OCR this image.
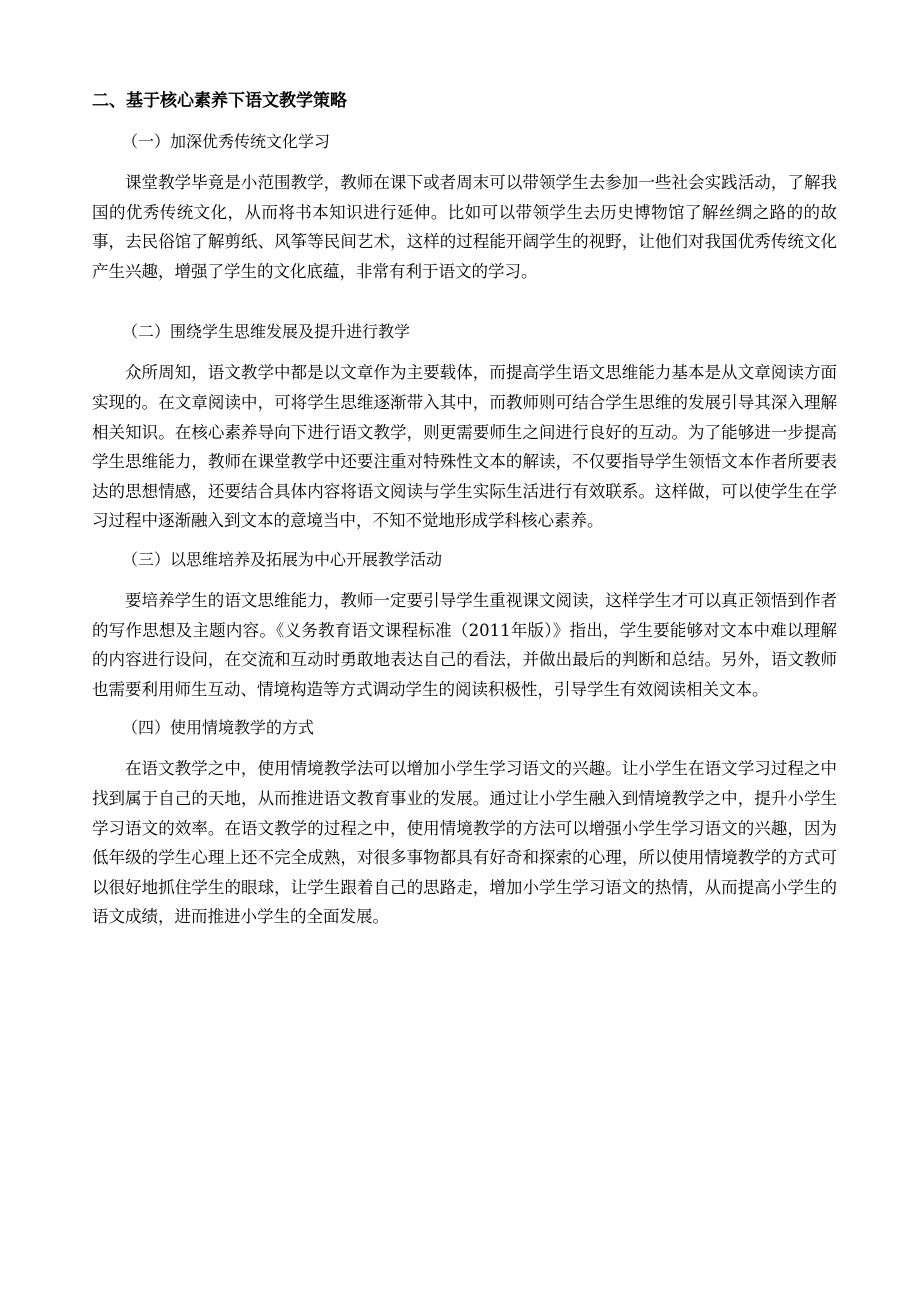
二、基于核心素养下语文教学策略
（一）加深优秀传统文化学习

课堂教学毕竟是小范围教学，教师在课下或者周末可以带领学生去参加一些社会实践活动，了解我国的优秀传统文化，从而将书本知识进行延伸。比如可以带领学生去历史博物馆了解丝绸之路的的故事，去民俗馆了解剪纸、风筝等民间艺术，这样的过程能开阔学生的视野，让他们对我国优秀传统文化产生兴趣，增强了学生的文化底蕴，非常有利于语文的学习。

（二）围绕学生思维发展及提升进行教学

众所周知，语文教学中都是以文章作为主要载体，而提高学生语文思维能力基本是从文章阅读方面实现的。在文章阅读中，可将学生思维逐渐带入其中，而教师则可结合学生思维的发展引导其深入理解相关知识。在核心素养导向下进行语文教学，则更需要师生之间进行良好的互动。为了能够进一步提高学生思维能力，教师在课堂教学中还要注重对特殊性文本的解读，不仅要指导学生领悟文本作者所要表达的思想情感，还要结合具体内容将语文阅读与学生实际生活进行有效联系。这样做，可以使学生在学习过程中逐渐融入到文本的意境当中，不知不觉地形成学科核心素养。

（三）以思维培养及拓展为中心开展教学活动

要培养学生的语文思维能力，教师一定要引导学生重视课文阅读，这样学生才可以真正领悟到作者的写作思想及主题内容。《义务教育语文课程标准（2011年版）》指出，学生要能够对文本中难以理解的内容进行设问，在交流和互动时勇敢地表达自己的看法，并做出最后的判断和总结。另外，语文教师也需要利用师生互动、情境构造等方式调动学生的阅读积极性，引导学生有效阅读相关文本。

（四）使用情境教学的方式

在语文教学之中，使用情境教学法可以增加小学生学习语文的兴趣。让小学生在语文学习过程之中找到属于自己的天地，从而推进语文教育事业的发展。通过让小学生融入到情境教学之中，提升小学生学习语文的效率。在语文教学的过程之中，使用情境教学的方法可以增强小学生学习语文的兴趣，因为低年级的学生心理上还不完全成熟，对很多事物都具有好奇和探索的心理，所以使用情境教学的方式可以很好地抓住学生的眼球，让学生跟着自己的思路走，增加小学生学习语文的热情，从而提高小学生的语文成绩，进而推进小学生的全面发展。
